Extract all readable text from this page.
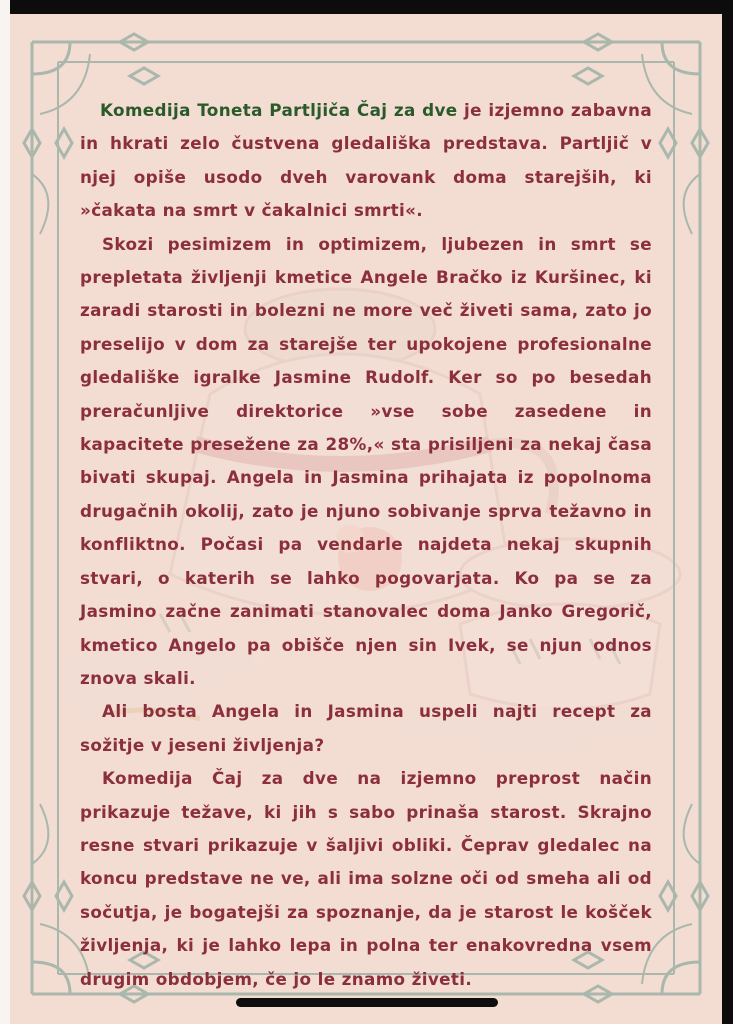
Komedija Toneta Partljiča Čaj za dve je izjemno zabavna in hkrati zelo čustvena gledališka predstava. Partljič v njej opiše usodo dveh varovank doma starejših, ki »čakata na smrt v čakalnici smrti«.

Skozi pesimizem in optimizem, ljubezen in smrt se prepletata življenji kmetice Angele Bračko iz Kuršinec, ki zaradi starosti in bolezni ne more več živeti sama, zato jo preselijo v dom za starejše ter upokojene profesionalne gledališke igralke Jasmine Rudolf. Ker so po besedah preračunljive direktorice »vse sobe zasedene in kapacitete presežene za 28%,« sta prisiljeni za nekaj časa bivati skupaj. Angela in Jasmina prihajata iz popolnoma drugačnih okolij, zato je njuno sobivanje sprva težavno in konfliktno. Počasi pa vendarle najdeta nekaj skupnih stvari, o katerih se lahko pogovarjata. Ko pa se za Jasmino začne zanimati stanovalec doma Janko Gregorič, kmetico Angelo pa obišče njen sin Ivek, se njun odnos znova skali.

Ali bosta Angela in Jasmina uspeli najti recept za sožitje v jeseni življenja?

Komedija Čaj za dve na izjemno preprost način prikazuje težave, ki jih s sabo prinaša starost. Skrajno resne stvari prikazuje v šaljivi obliki. Čeprav gledalec na koncu predstave ne ve, ali ima solzne oči od smeha ali od sočutja, je bogatejši za spoznanje, da je starost le košček življenja, ki je lahko lepa in polna ter enakovredna vsem drugim obdobjem, če jo le znamo živeti.
